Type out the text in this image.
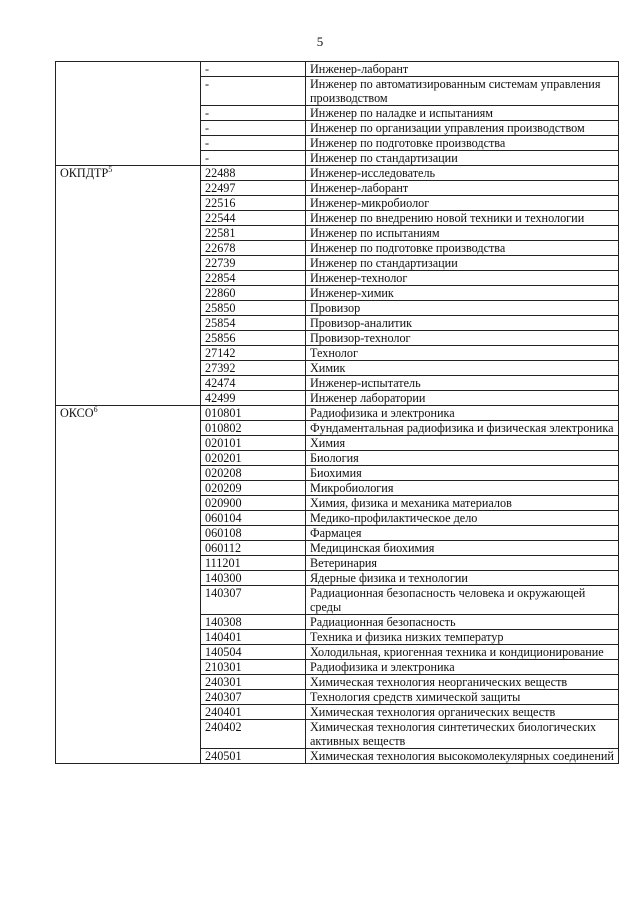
5
	-	Инженер-лаборант
	-	Инженер по автоматизированным системам управления производством
	-	Инженер по наладке и испытаниям
	-	Инженер по организации управления производством
	-	Инженер по подготовке производства
	-	Инженер по стандартизации
ОКПДТР$^5$	22488	Инженер-исследователь
	22497	Инженер-лаборант
	22516	Инженер-микробиолог
	22544	Инженер по внедрению новой техники и технологии
	22581	Инженер по испытаниям
	22678	Инженер по подготовке производства
	22739	Инженер по стандартизации
	22854	Инженер-технолог
	22860	Инженер-химик
	25850	Провизор
	25854	Провизор-аналитик
	25856	Провизор-технолог
	27142	Технолог
	27392	Химик
	42474	Инженер-испытатель
	42499	Инженер лаборатории
ОКСО$^6$	010801	Радиофизика и электроника
	010802	Фундаментальная радиофизика и физическая электроника
	020101	Химия
	020201	Биология
	020208	Биохимия
	020209	Микробиология
	020900	Химия, физика и механика материалов
	060104	Медико-профилактическое дело
	060108	Фармацея
	060112	Медицинская биохимия
	111201	Ветеринария
	140300	Ядерные физика и технологии
	140307	Радиационная безопасность человека и окружающей среды
	140308	Радиационная безопасность
	140401	Техника и физика низких температур
	140504	Холодильная, криогенная техника и кондиционирование
	210301	Радиофизика и электроника
	240301	Химическая технология неорганических веществ
	240307	Технология средств химической защиты
	240401	Химическая технология органических веществ
	240402	Химическая технология синтетических биологических активных веществ
	240501	Химическая технология высокомолекулярных соединений
